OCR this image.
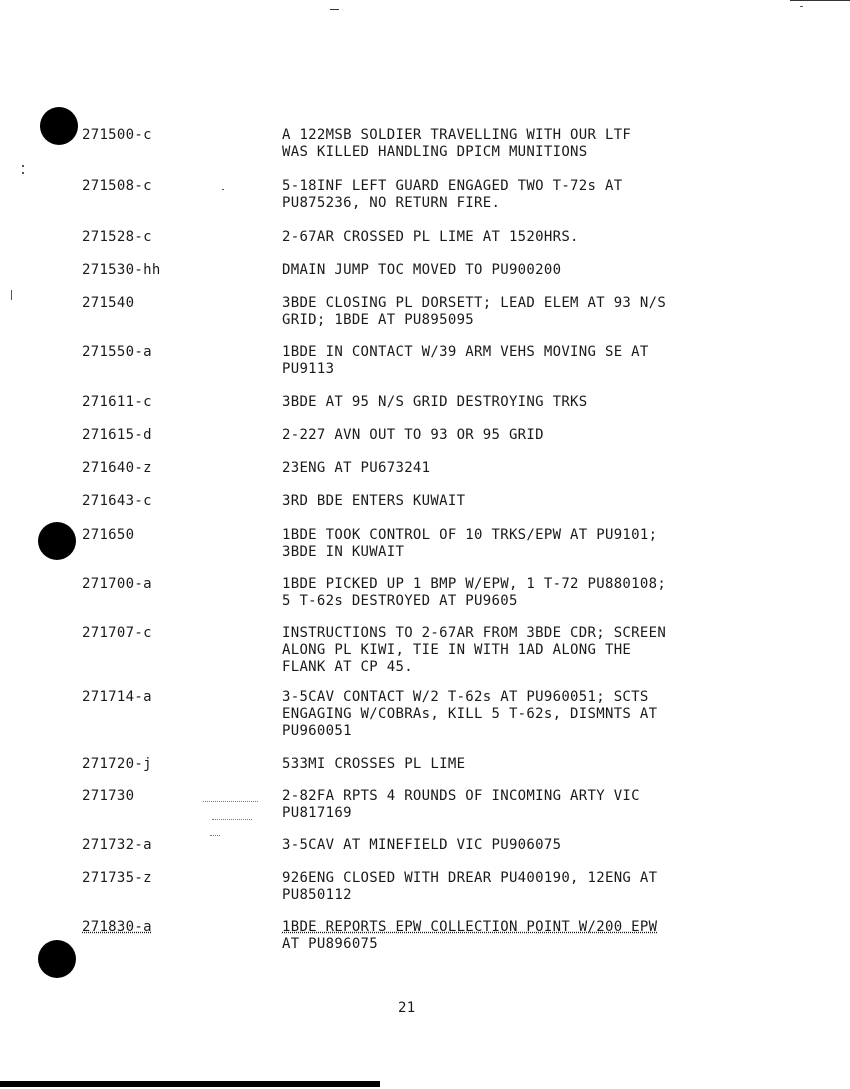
271500-c	A 122MSB SOLDIER TRAVELLING WITH OUR LTF
WAS KILLED HANDLING DPICM MUNITIONS
271508-c	5-18INF LEFT GUARD ENGAGED TWO T-72s AT
PU875236, NO RETURN FIRE.
271528-c	2-67AR CROSSED PL LIME AT 1520HRS.
271530-hh	DMAIN JUMP TOC MOVED TO PU900200
271540	3BDE CLOSING PL DORSETT; LEAD ELEM AT 93 N/S
GRID; 1BDE AT PU895095
271550-a	1BDE IN CONTACT W/39 ARM VEHS MOVING SE AT
PU9113
271611-c	3BDE AT 95 N/S GRID DESTROYING TRKS
271615-d	2-227 AVN OUT TO 93 OR 95 GRID
271640-z	23ENG AT PU673241
271643-c	3RD BDE ENTERS KUWAIT
271650	1BDE TOOK CONTROL OF 10 TRKS/EPW AT PU9101;
3BDE IN KUWAIT
271700-a	1BDE PICKED UP 1 BMP W/EPW, 1 T-72 PU880108;
5 T-62s DESTROYED AT PU9605
271707-c	INSTRUCTIONS TO 2-67AR FROM 3BDE CDR; SCREEN
ALONG PL KIWI, TIE IN WITH 1AD ALONG THE
FLANK AT CP 45.
271714-a	3-5CAV CONTACT W/2 T-62s AT PU960051; SCTS
ENGAGING W/COBRAs, KILL 5 T-62s, DISMNTS AT
PU960051
271720-j	533MI CROSSES PL LIME
271730	2-82FA RPTS 4 ROUNDS OF INCOMING ARTY VIC
PU817169
271732-a	3-5CAV AT MINEFIELD VIC PU906075
271735-z	926ENG CLOSED WITH DREAR PU400190, 12ENG AT
PU850112
271830-a	1BDE REPORTS EPW COLLECTION POINT W/200 EPW
AT PU896075
21
